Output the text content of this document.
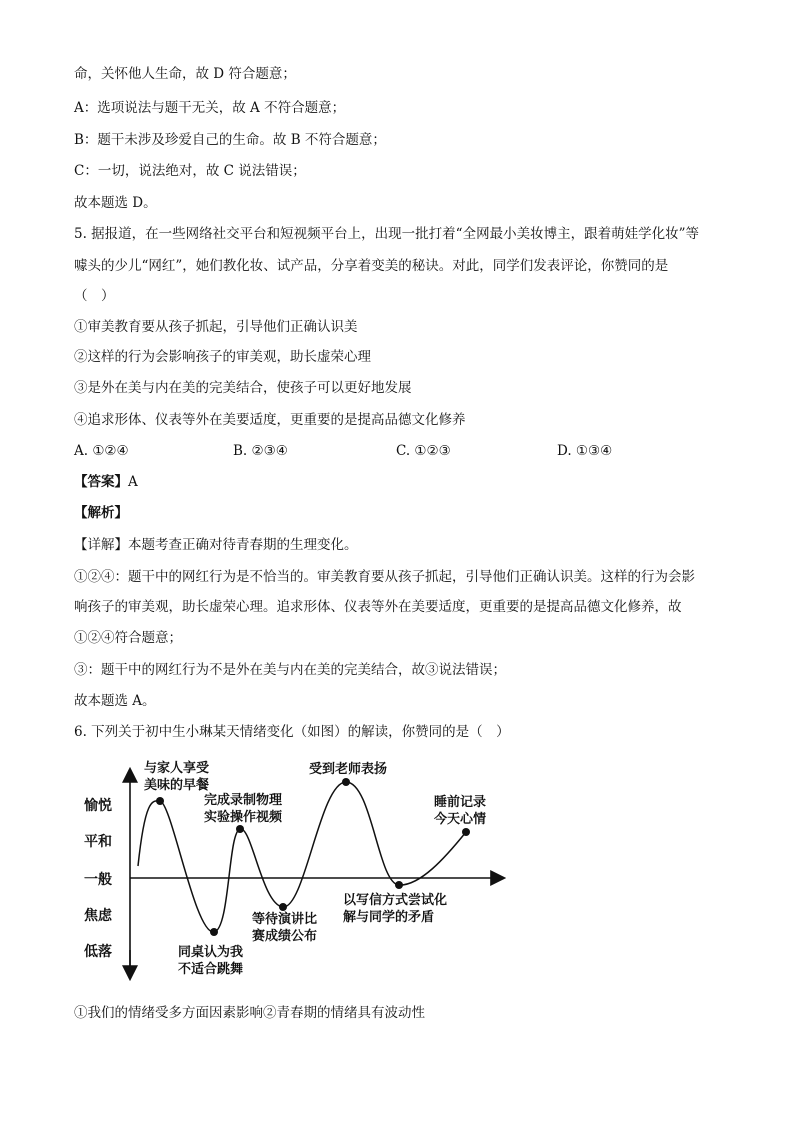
命，关怀他人生命，故 D 符合题意；
A：选项说法与题干无关，故 A 不符合题意；
B：题干未涉及珍爱自己的生命。故 B 不符合题意；
C：一切，说法绝对，故 C 说法错误；
故本题选 D。
5. 据报道，在一些网络社交平台和短视频平台上，出现一批打着“全网最小美妆博主，跟着萌娃学化妆”等
噱头的少儿“网红”，她们教化妆、试产品，分享着变美的秘诀。对此，同学们发表评论，你赞同的是
（　）
①审美教育要从孩子抓起，引导他们正确认识美
②这样的行为会影响孩子的审美观，助长虚荣心理
③是外在美与内在美的完美结合，使孩子可以更好地发展
④追求形体、仪表等外在美要适度，更重要的是提高品德文化修养
A. ①②④	B. ②③④	C. ①②③	D. ①③④
【答案】A
【解析】
【详解】本题考查正确对待青春期的生理变化。
①②④：题干中的网红行为是不恰当的。审美教育要从孩子抓起，引导他们正确认识美。这样的行为会影
响孩子的审美观，助长虚荣心理。追求形体、仪表等外在美要适度，更重要的是提高品德文化修养，故
①②④符合题意；
③：题干中的网红行为不是外在美与内在美的完美结合，故③说法错误；
故本题选 A。
6. 下列关于初中生小琳某天情绪变化（如图）的解读，你赞同的是（　）
愉悦
平和
一般
焦虑
低落
与家人享受
美味的早餐
同桌认为我
不适合跳舞
完成录制物理
实验操作视频
等待演讲比
赛成绩公布
受到老师表扬
以写信方式尝试化
解与同学的矛盾
睡前记录
今天心情
①我们的情绪受多方面因素影响②青春期的情绪具有波动性
